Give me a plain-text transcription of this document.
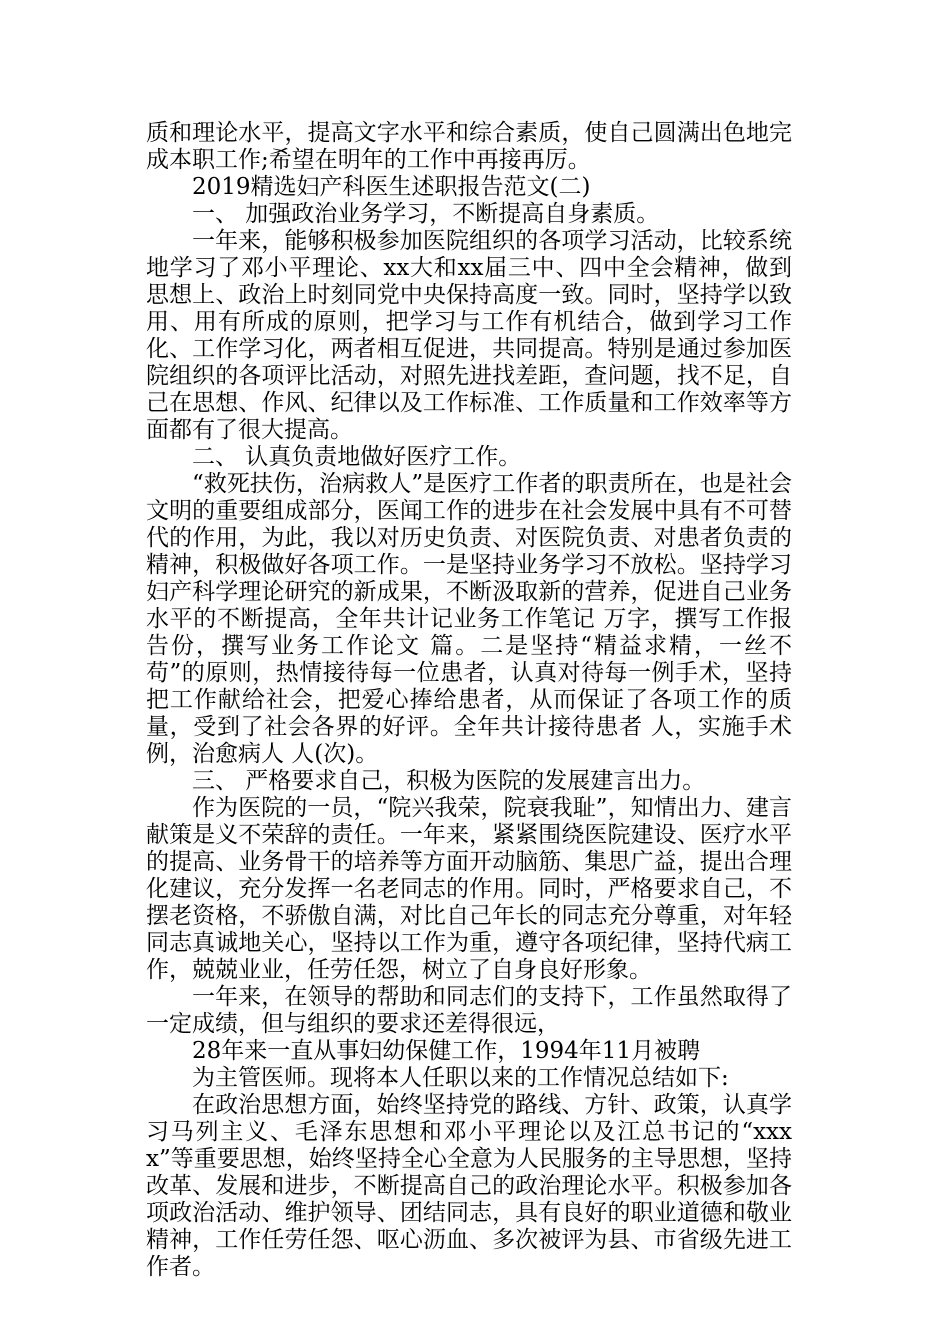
质和理论水平，提高文字水平和综合素质，使自己圆满出色地完成本职工作;希望在明年的工作中再接再厉。

2019精选妇产科医生述职报告范文(二)

一、 加强政治业务学习，不断提高自身素质。

一年来，能够积极参加医院组织的各项学习活动，比较系统地学习了邓小平理论、xx大和xx届三中、四中全会精神，做到思想上、政治上时刻同党中央保持高度一致。同时，坚持学以致用、用有所成的原则，把学习与工作有机结合，做到学习工作化、工作学习化，两者相互促进，共同提高。特别是通过参加医院组织的各项评比活动，对照先进找差距，查问题，找不足，自己在思想、作风、纪律以及工作标准、工作质量和工作效率等方面都有了很大提高。

二、 认真负责地做好医疗工作。

“救死扶伤，治病救人”是医疗工作者的职责所在，也是社会文明的重要组成部分，医闻工作的进步在社会发展中具有不可替代的作用，为此，我以对历史负责、对医院负责、对患者负责的精神，积极做好各项工作。一是坚持业务学习不放松。坚持学习妇产科学理论研究的新成果，不断汲取新的营养，促进自己业务水平的不断提高，全年共计记业务工作笔记 万字，撰写工作报告份，撰写业务工作论文 篇。二是坚持“精益求精，一丝不苟”的原则，热情接待每一位患者，认真对待每一例手术，坚持把工作献给社会，把爱心捧给患者，从而保证了各项工作的质量，受到了社会各界的好评。全年共计接待患者 人，实施手术 例，治愈病人 人(次)。

三、 严格要求自己，积极为医院的发展建言出力。

作为医院的一员，“院兴我荣，院衰我耻”，知情出力、建言献策是义不荣辞的责任。一年来，紧紧围绕医院建设、医疗水平的提高、业务骨干的培养等方面开动脑筋、集思广益，提出合理化建议，充分发挥一名老同志的作用。同时，严格要求自己，不摆老资格，不骄傲自满，对比自己年长的同志充分尊重，对年轻同志真诚地关心，坚持以工作为重，遵守各项纪律，坚持代病工作，兢兢业业，任劳任怨，树立了自身良好形象。

一年来，在领导的帮助和同志们的支持下，工作虽然取得了一定成绩，但与组织的要求还差得很远，

28年来一直从事妇幼保健工作，1994年11月被聘

为主管医师。现将本人任职以来的工作情况总结如下:

在政治思想方面，始终坚持党的路线、方针、政策，认真学习马列主义、毛泽东思想和邓小平理论以及江总书记的“xxxx”等重要思想，始终坚持全心全意为人民服务的主导思想，坚持改革、发展和进步，不断提高自己的政治理论水平。积极参加各项政治活动、维护领导、团结同志，具有良好的职业道德和敬业精神，工作任劳任怨、呕心沥血、多次被评为县、市省级先进工作者。
